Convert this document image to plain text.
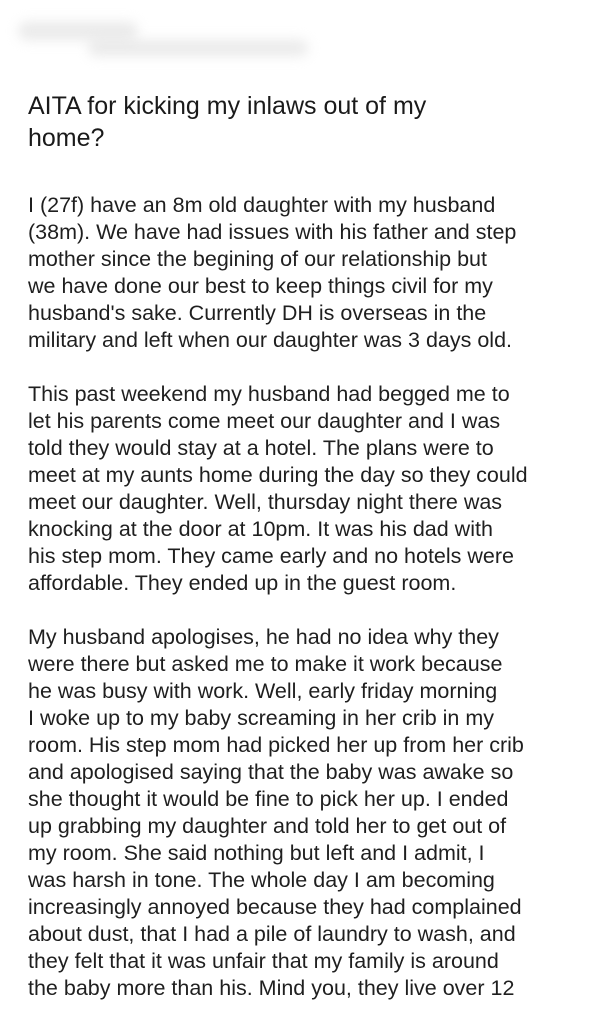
AITA for kicking my inlaws out of my
home?

I (27f) have an 8m old daughter with my husband
(38m). We have had issues with his father and step
mother since the begining of our relationship but
we have done our best to keep things civil for my
husband's sake. Currently DH is overseas in the
military and left when our daughter was 3 days old.

This past weekend my husband had begged me to
let his parents come meet our daughter and I was
told they would stay at a hotel. The plans were to
meet at my aunts home during the day so they could
meet our daughter. Well, thursday night there was
knocking at the door at 10pm. It was his dad with
his step mom. They came early and no hotels were
affordable. They ended up in the guest room.

My husband apologises, he had no idea why they
were there but asked me to make it work because
he was busy with work. Well, early friday morning
I woke up to my baby screaming in her crib in my
room. His step mom had picked her up from her crib
and apologised saying that the baby was awake so
she thought it would be fine to pick her up. I ended
up grabbing my daughter and told her to get out of
my room. She said nothing but left and I admit, I
was harsh in tone. The whole day I am becoming
increasingly annoyed because they had complained
about dust, that I had a pile of laundry to wash, and
they felt that it was unfair that my family is around
the baby more than his. Mind you, they live over 12
